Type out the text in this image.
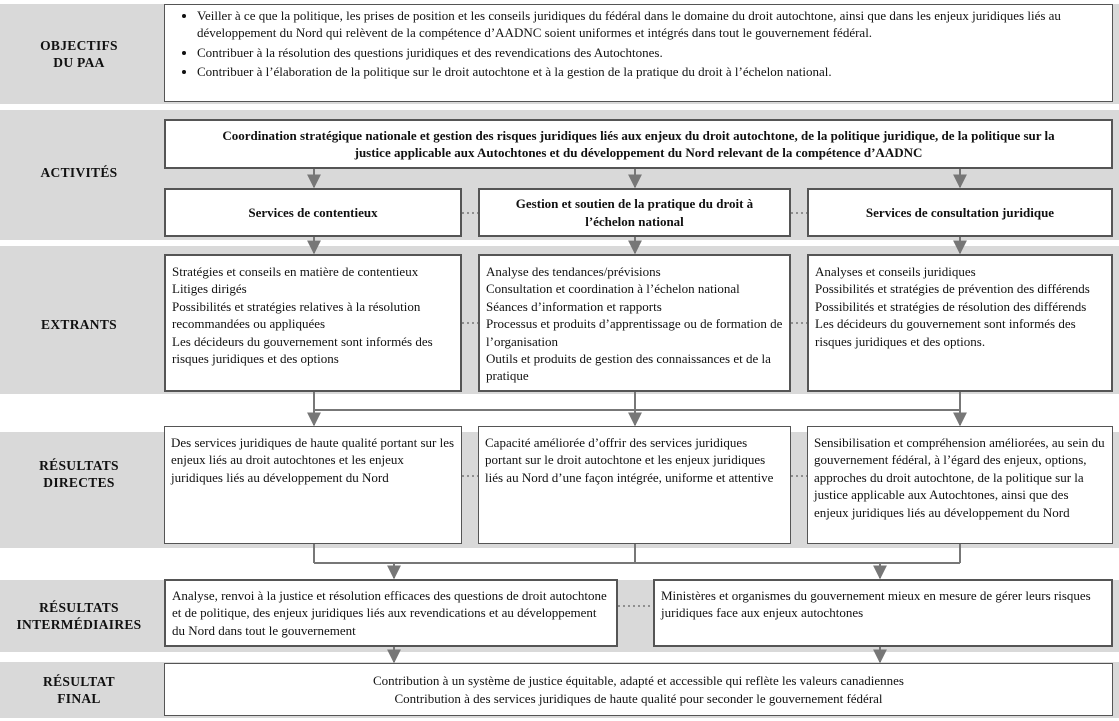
OBJECTIFS
DU PAA
ACTIVITÉS
EXTRANTS
RÉSULTATS
DIRECTES
RÉSULTATS
INTERMÉDIAIRES
RÉSULTAT
FINAL
• Veiller à ce que la politique, les prises de position et les conseils juridiques du fédéral dans le domaine du droit autochtone, ainsi que dans les enjeux juridiques liés au développement du Nord qui relèvent de la compétence d’AADNC soient uniformes et intégrés dans tout le gouvernement fédéral.
• Contribuer à la résolution des questions juridiques et des revendications des Autochtones.
• Contribuer à l’élaboration de la politique sur le droit autochtone et à la gestion de la pratique du droit à l’échelon national.
Coordination stratégique nationale et gestion des risques juridiques liés aux enjeux du droit autochtone, de la politique juridique, de la politique sur la justice applicable aux Autochtones et du développement du Nord relevant de la compétence d’AADNC
Services de contentieux
Gestion et soutien de la pratique du droit à l’échelon national
Services de consultation juridique
Stratégies et conseils en matière de contentieux
Litiges dirigés
Possibilités et stratégies relatives à la résolution recommandées ou appliquées
Les décideurs du gouvernement sont informés des risques juridiques et des options
Analyse des tendances/prévisions
Consultation et coordination à l’échelon national
Séances d’information et rapports
Processus et produits d’apprentissage ou de formation de l’organisation
Outils et produits de gestion des connaissances et de la pratique
Analyses et conseils juridiques
Possibilités et stratégies de prévention des différends
Possibilités et stratégies de résolution des différends
Les décideurs du gouvernement sont informés des risques juridiques et des options.
Des services juridiques de haute qualité portant sur les enjeux liés au droit autochtones et les enjeux juridiques liés au développement du Nord
Capacité améliorée d’offrir des services juridiques portant sur le droit autochtone et les enjeux juridiques liés au Nord d’une façon intégrée, uniforme et attentive
Sensibilisation et compréhension améliorées, au sein du gouvernement fédéral, à l’égard des enjeux, options, approches du droit autochtone, de la politique sur la justice applicable aux Autochtones, ainsi que des enjeux juridiques liés au développement du Nord
Analyse, renvoi à la justice et résolution efficaces des questions de droit autochtone et de politique, des enjeux juridiques liés aux revendications et au développement du Nord dans tout le gouvernement
Ministères et organismes du gouvernement mieux en mesure de gérer leurs risques juridiques face aux enjeux autochtones
Contribution à un système de justice équitable, adapté et accessible qui reflète les valeurs canadiennes
Contribution à des services juridiques de haute qualité pour seconder le gouvernement fédéral
